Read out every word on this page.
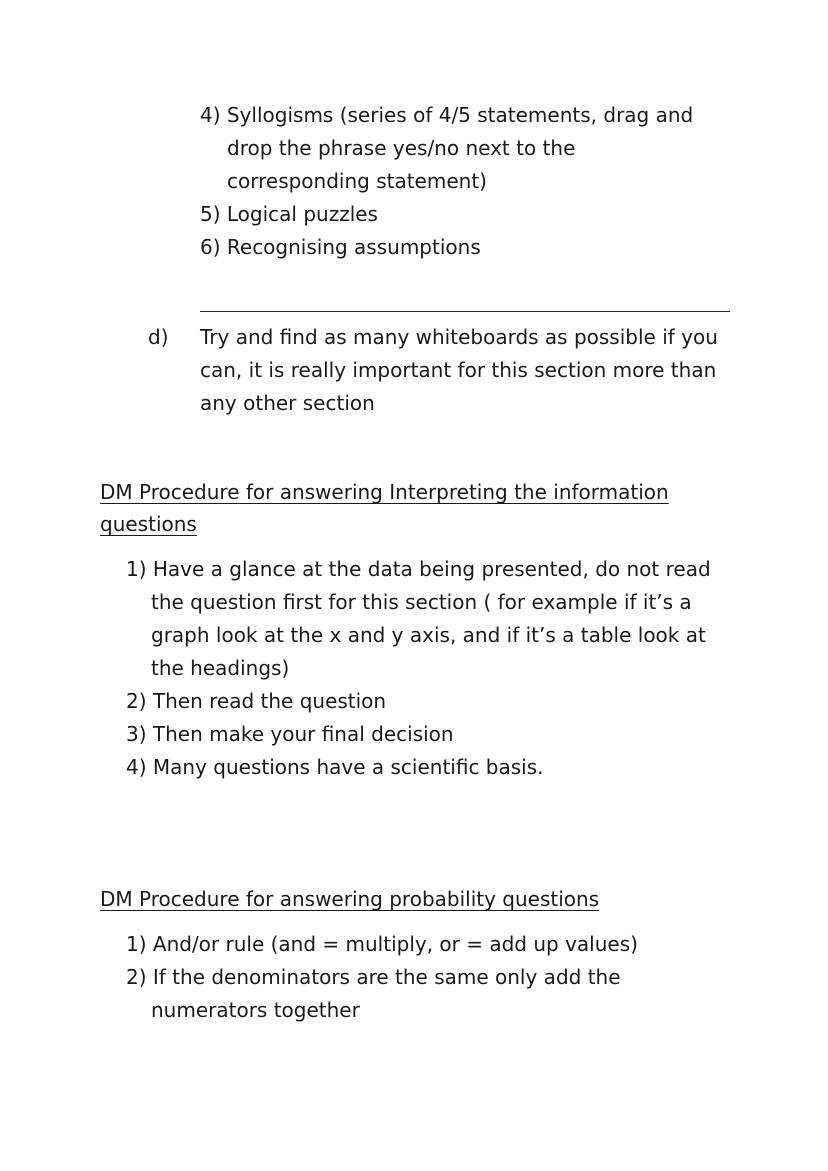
4) Syllogisms (series of 4/5 statements, drag and
drop the phrase yes/no next to the
corresponding statement)
5) Logical puzzles
6) Recognising assumptions
d) Try and find as many whiteboards as possible if you
can, it is really important for this section more than
any other section
DM Procedure for answering Interpreting the information
questions
1) Have a glance at the data being presented, do not read
the question first for this section ( for example if it’s a
graph look at the x and y axis, and if it’s a table look at
the headings)
2) Then read the question
3) Then make your final decision
4) Many questions have a scientific basis.
DM Procedure for answering probability questions
1) And/or rule (and = multiply, or = add up values)
2) If the denominators are the same only add the
numerators together
